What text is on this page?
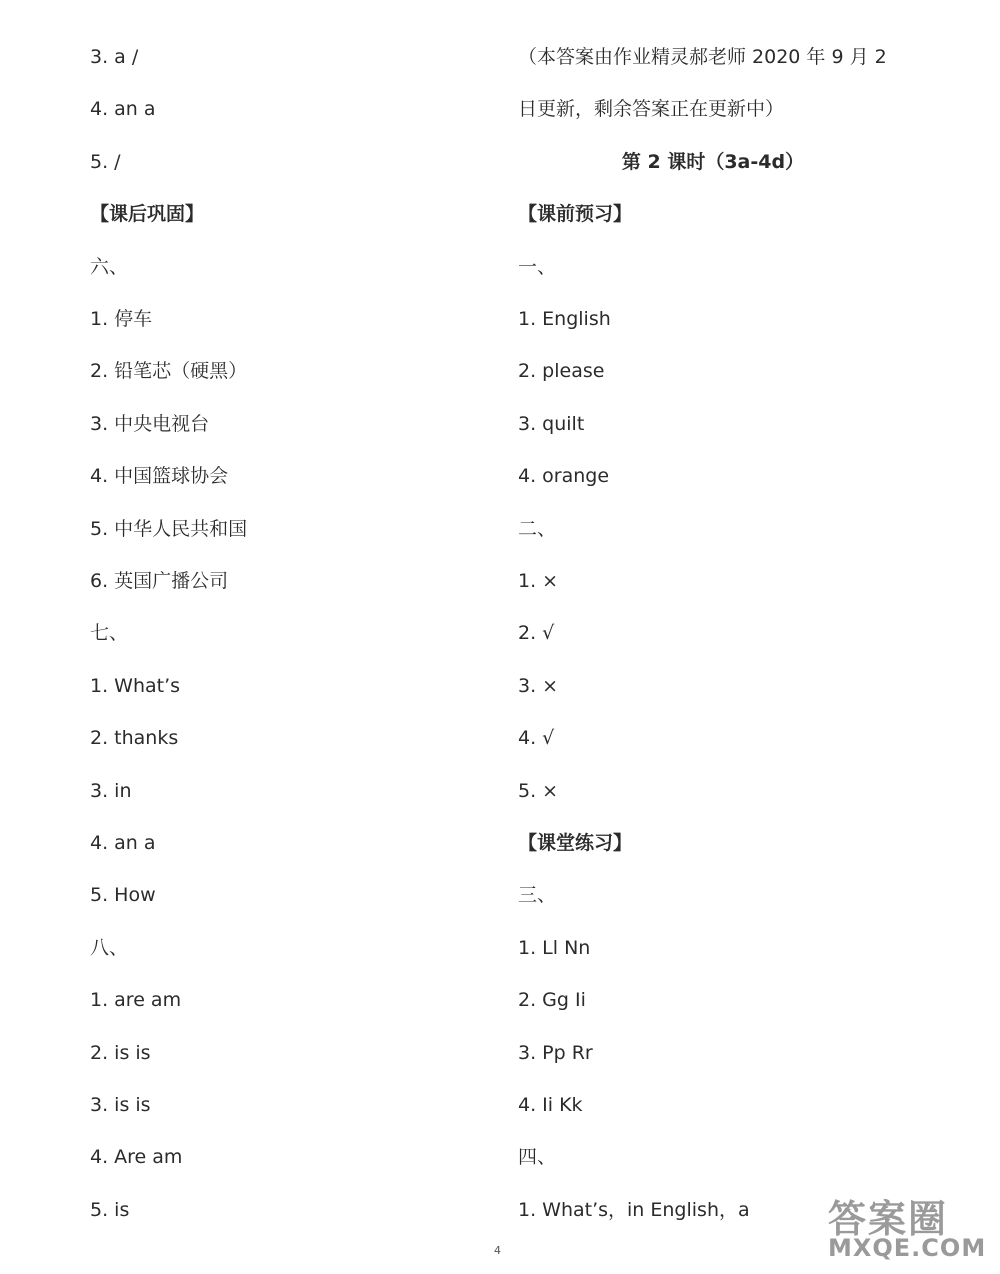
3. a /
4. an a
5. /
【课后巩固】
六、
1. 停车
2. 铅笔芯（硬黑）
3. 中央电视台
4. 中国篮球协会
5. 中华人民共和国
6. 英国广播公司
七、
1. What’s
2. thanks
3. in
4. an a
5. How
八、
1. are am
2. is is
3. is is
4. Are am
5. is
（本答案由作业精灵郝老师 2020 年 9 月 2
日更新，剩余答案正在更新中）
第 2 课时（3a-4d）
【课前预习】
一、
1. English
2. please
3. quilt
4. orange
二、
1. ×
2. √
3. ×
4. √
5. ×
【课堂练习】
三、
1. Ll Nn
2. Gg Ii
3. Pp Rr
4. Ii Kk
四、
1. What’s，in English，a
4
答案圈
MXQE.COM
